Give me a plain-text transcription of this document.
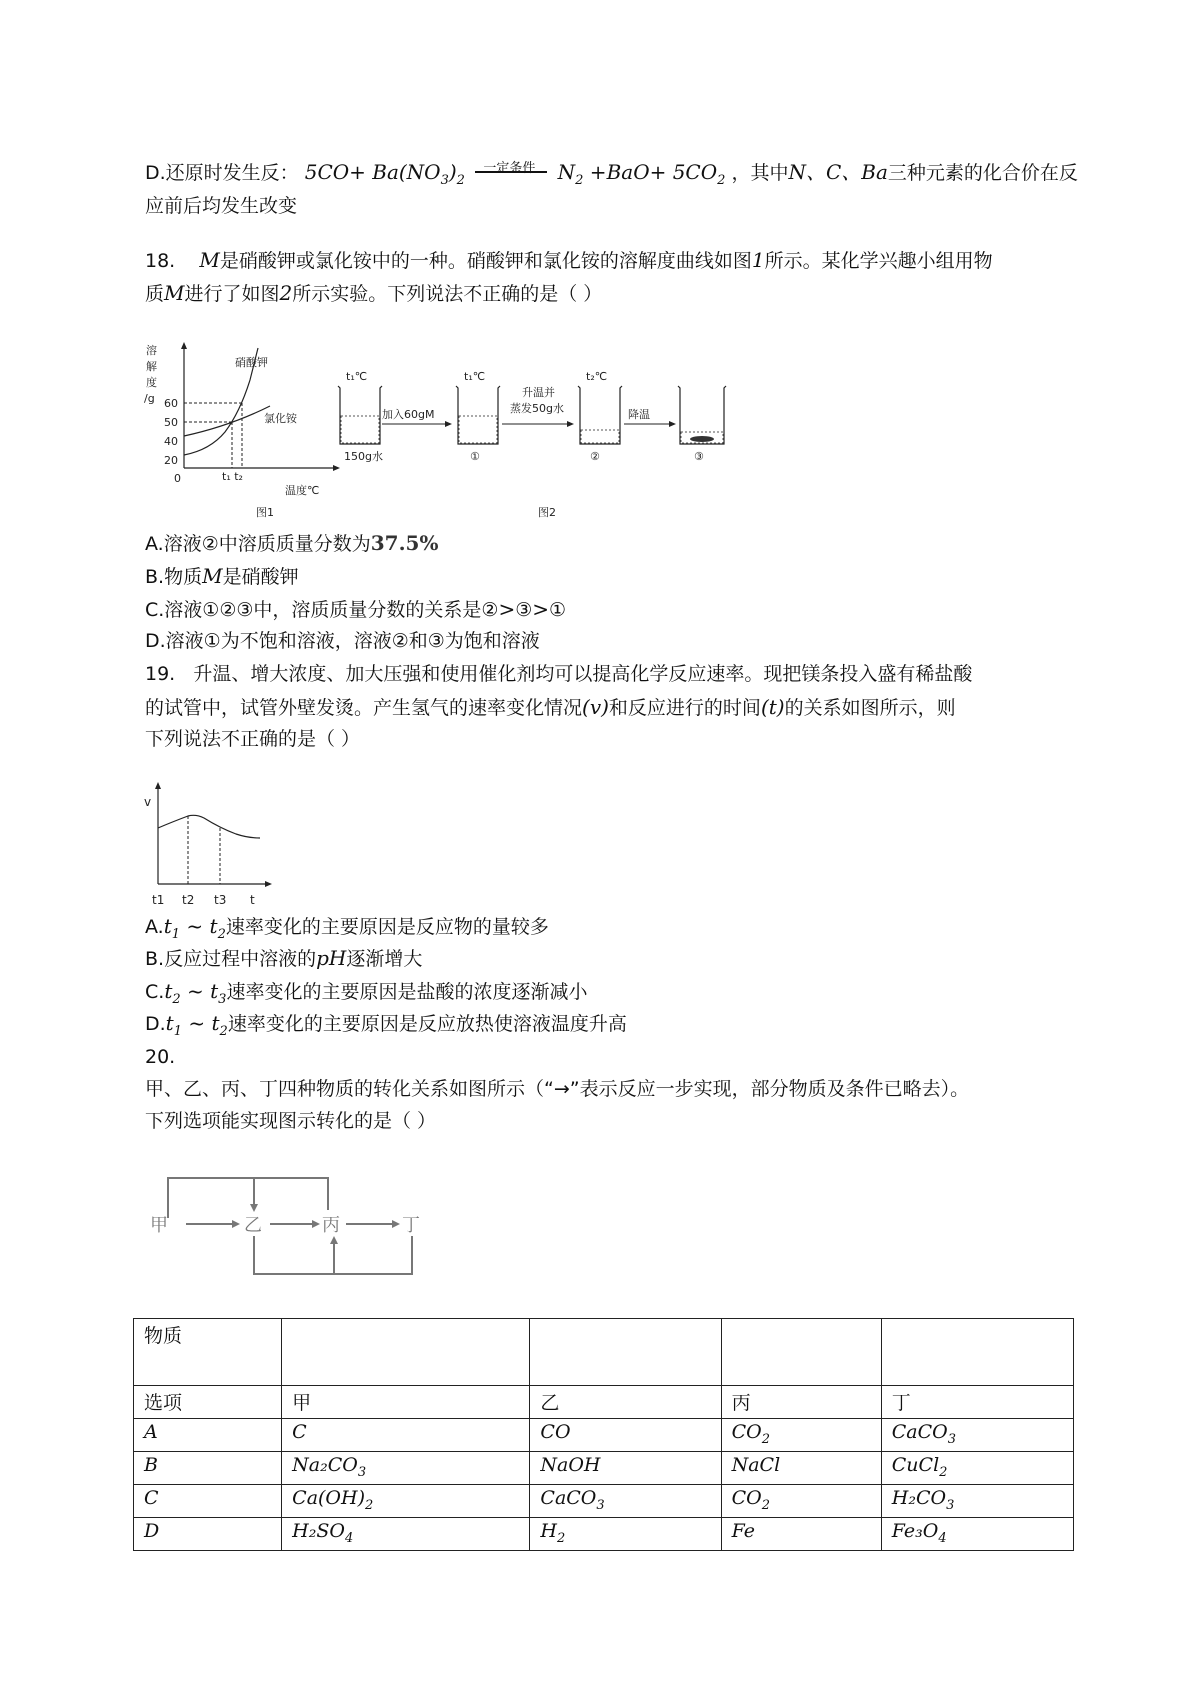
D.还原时发生反： $5CO+ Ba(NO_3)_2$
一定条件 $N_2 +BaO+ 5CO_2$ ，其中N、C、Ba三种元素的化合价在反
应前后均发生改变
18. M是硝酸钾或氯化铵中的一种。硝酸钾和氯化铵的溶解度曲线如图1所示。某化学兴趣小组用物
质M进行了如图2所示实验。下列说法不正确的是（ ）
溶
解
度
/g 60
50
40
20
0	t₁ t₂
温度℃
硝酸钾
氯化铵
图1
t₁℃
150g水
加入60gM
t₁℃
①
升温并
蒸发50g水
t₂℃
②
降温
③
图2
A.溶液②中溶质质量分数为37.5%
B.物质M是硝酸钾
C.溶液①②③中，溶质质量分数的关系是②>③>①
D.溶液①为不饱和溶液，溶液②和③为饱和溶液
19. 升温、增大浓度、加大压强和使用催化剂均可以提高化学反应速率。现把镁条投入盛有稀盐酸
的试管中，试管外壁发烫。产生氢气的速率变化情况(v)和反应进行的时间(t)的关系如图所示，则
下列说法不正确的是（ ）
v
t1 t2 t3 t
$A.t_1$ ~ $t_2$速率变化的主要原因是反应物的量较多
B.反应过程中溶液的pH逐渐增大
$C.t_2$ ~ $t_3$速率变化的主要原因是盐酸的浓度逐渐减小
$D.t_1$ ~ $t_2$速率变化的主要原因是反应放热使溶液温度升高
20.
甲、乙、丙、丁四种物质的转化关系如图所示（“→”表示反应一步实现，部分物质及条件已略去）。
下列选项能实现图示转化的是（ ）
甲	乙	丙	丁
物质				
选项	甲	乙	丙	丁
A	C	CO	$CO_2$	CaCO$_3$
B	$Na_2CO_3$	NaOH	NaCl	CuCl$_2$
C	$Ca(OH)_2$	CaCO$_3$	$CO_2$	$H_2CO_3$
D	$H_2SO_4$	$H_2$	Fe	$Fe_3O_4$
